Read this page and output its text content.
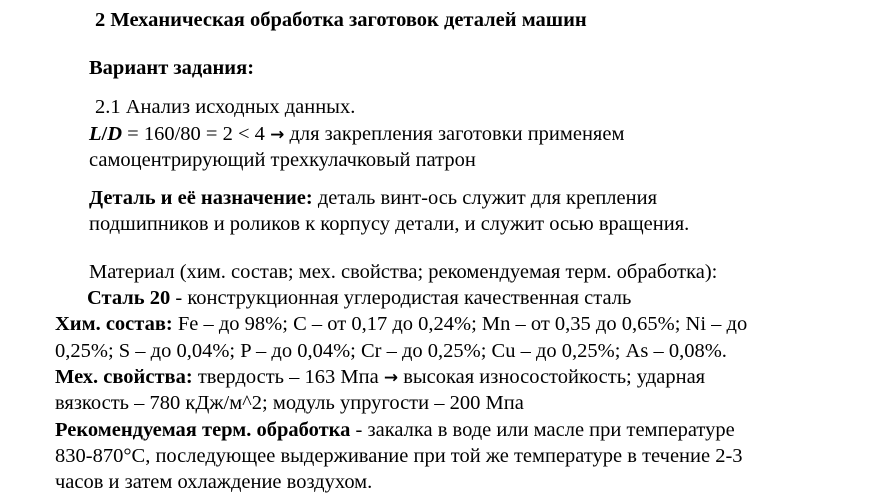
2 Механическая обработка заготовок деталей машин
Вариант задания:
2.1 Анализ исходных данных.
L/D = 160/80 = 2 < 4 → для закрепления заготовки применяем
самоцентрирующий трехкулачковый патрон
Деталь и её назначение: деталь винт-ось служит для крепления
подшипников и роликов к корпусу детали, и служит осью вращения.
Материал (хим. состав; мех. свойства; рекомендуемая терм. обработка):
Сталь 20 - конструкционная углеродистая качественная сталь
Хим. состав: Fe – до 98%; C – от 0,17 до 0,24%; Mn – от 0,35 до 0,65%; Ni – до
0,25%; S – до 0,04%; P – до 0,04%; Cr – до 0,25%; Cu – до 0,25%; As – 0,08%.
Мех. свойства: твердость – 163 Мпа → высокая износостойкость; ударная
вязкость – 780 кДж/м^2; модуль упругости – 200 Мпа
Рекомендуемая терм. обработка - закалка в воде или масле при температуре
830-870°C, последующее выдерживание при той же температуре в течение 2-3
часов и затем охлаждение воздухом.
